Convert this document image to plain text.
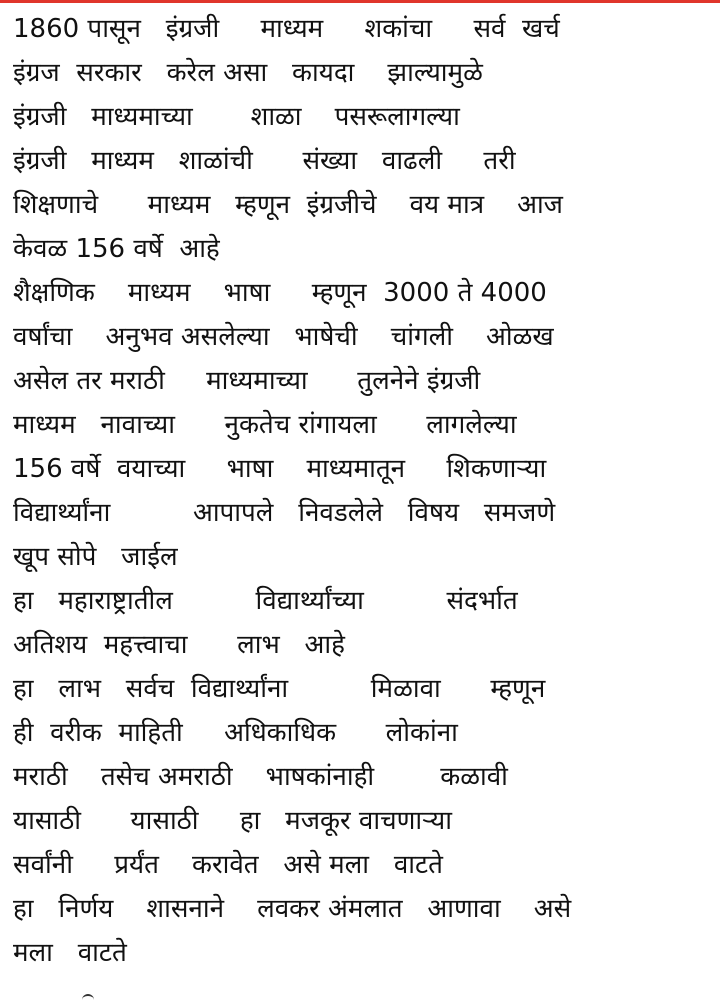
1860 पासून   इंग्रजी     माध्यम     शकांचा     सर्व  खर्च
इंग्रज  सरकार   करेल असा   कायदा    झाल्यामुळे
इंग्रजी   माध्यमाच्या       शाळा    पसरूलागल्या
इंग्रजी   माध्यम   शाळांची      संख्या   वाढली     तरी
शिक्षणाचे      माध्यम   म्हणून  इंग्रजीचे    वय मात्र    आज
केवळ 156 वर्षे  आहे
शैक्षणिक    माध्यम    भाषा     म्हणून  3000 ते 4000
वर्षांचा    अनुभव असलेल्या   भाषेची    चांगली    ओळख
असेल तर मराठी     माध्यमाच्या      तुलनेने इंग्रजी
माध्यम   नावाच्या      नुकतेच रांगायला      लागलेल्या
156 वर्षे  वयाच्या     भाषा    माध्यमातून     शिकणाऱ्या
विद्यार्थ्यांना          आपापले   निवडलेले   विषय   समजणे
खूप सोपे   जाईल
हा   महाराष्ट्रातील          विद्यार्थ्यांच्या          संदर्भात
अतिशय  महत्त्वाचा      लाभ   आहे
हा   लाभ   सर्वच  विद्यार्थ्यांना          मिळावा      म्हणून
ही  वरीक  माहिती     अधिकाधिक      लोकांना
मराठी    तसेच अमराठी    भाषकांनाही        कळावी
यासाठी      यासाठी     हा   मजकूर वाचणाऱ्या
सर्वांनी     प्रर्यंत    करावेत   असे मला   वाटते
हा   निर्णय    शासनाने    लवकर अंमलात   आणावा    असे
मला   वाटते
